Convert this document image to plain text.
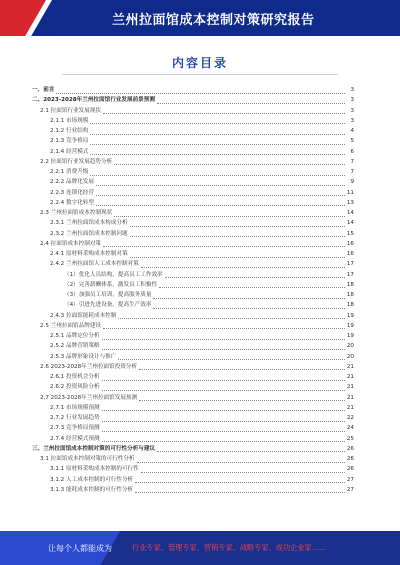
兰州拉面馆成本控制对策研究报告
内容目录
一、前言	3
二、2023-2028年兰州拉面馆行业发展前景预测	3
2.1 拉面馆行业发展现状	3
2.1.1 市场规模	3
2.1.2 行业结构	4
2.1.3 竞争格局	5
2.1.4 经营模式	6
2.2 拉面馆行业发展趋势分析	7
2.2.1 消费升级	7
2.2.2 品牌化发展	9
2.2.3 连锁化经营	11
2.2.4 数字化转型	13
2.3 兰州拉面馆成本控制现状	14
2.3.1 兰州拉面馆成本构成分析	14
2.3.2 兰州拉面馆成本控制问题	15
2.4 拉面馆成本控制对策	16
2.4.1 原材料采购成本控制对策	16
2.4.2 兰州拉面馆人工成本控制对策	17
（1）优化人员结构，提高员工工作效率	17
（2）完善薪酬体系，激发员工积极性	18
（3）加强员工培训，提高服务质量	18
（4）引进先进设备，提高生产效率	18
2.4.3 拉面馆能耗成本控制	19
2.5 兰州拉面馆品牌建设	19
2.5.1 品牌定位分析	19
2.5.2 品牌营销策略	20
2.5.3 品牌形象设计与推广	20
2.6 2023-2028年兰州拉面馆投资分析	21
2.6.1 投资机会分析	21
2.6.2 投资风险分析	21
2.7 2023-2028年兰州拉面馆发展预测	21
2.7.1 市场规模预测	21
2.7.2 行业发展趋势	22
2.7.3 竞争格局预测	24
2.7.4 经营模式预测	25
三、兰州拉面馆成本控制对策的可行性分析与建议	26
3.1 拉面馆成本控制对策的可行性分析	26
3.1.1 原材料采购成本控制的可行性	26
3.1.2 人工成本控制的可行性分析	27
3.1.3 能耗成本控制的可行性分析	27
让每个人都能成为	行业专家、管理专家、营销专家、战略专家、成功企业家……
